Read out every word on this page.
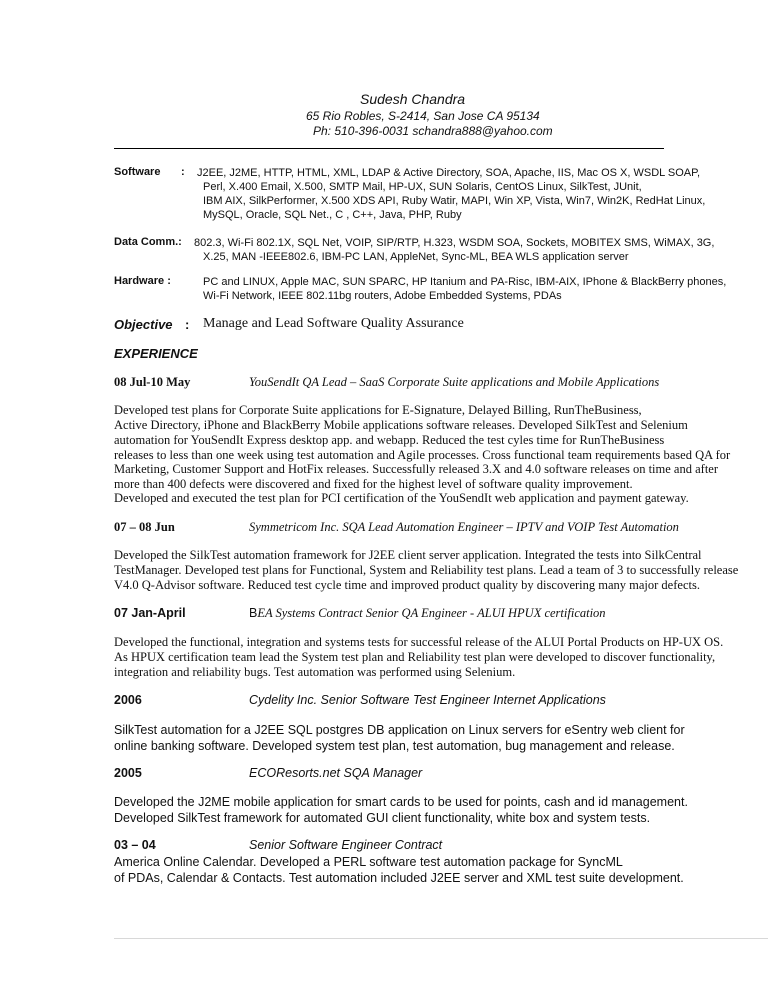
Sudesh Chandra
65 Rio Robles, S-2414, San Jose CA 95134
Ph: 510-396-0031 schandra888@yahoo.com
Software : J2EE, J2ME, HTTP, HTML, XML, LDAP & Active Directory, SOA, Apache, IIS, Mac OS X, WSDL SOAP,
Perl, X.400 Email, X.500, SMTP Mail, HP-UX, SUN Solaris, CentOS Linux, SilkTest, JUnit,
IBM AIX, SilkPerformer, X.500 XDS API, Ruby Watir, MAPI, Win XP, Vista, Win7, Win2K, RedHat Linux,
MySQL, Oracle, SQL Net., C , C++, Java, PHP, Ruby
Data Comm.: 802.3, Wi-Fi 802.1X, SQL Net, VOIP, SIP/RTP, H.323, WSDM SOA, Sockets, MOBITEX SMS, WiMAX, 3G,
X.25, MAN -IEEE802.6, IBM-PC LAN, AppleNet, Sync-ML, BEA WLS application server
Hardware :	PC and LINUX, Apple MAC, SUN SPARC, HP Itanium and PA-Risc, IBM-AIX, IPhone & BlackBerry phones,
Wi-Fi Network, IEEE 802.11bg routers, Adobe Embedded Systems, PDAs
Objective : Manage and Lead Software Quality Assurance
EXPERIENCE
08 Jul-10 May	YouSendIt QA Lead – SaaS Corporate Suite applications and Mobile Applications
Developed test plans for Corporate Suite applications for E-Signature, Delayed Billing, RunTheBusiness,
Active Directory, iPhone and BlackBerry Mobile applications software releases. Developed SilkTest and Selenium
automation for YouSendIt Express desktop app. and webapp. Reduced the test cyles time for RunTheBusiness
releases to less than one week using test automation and Agile processes. Cross functional team requirements based QA for
Marketing, Customer Support and HotFix releases. Successfully released 3.X and 4.0 software releases on time and after
more than 400 defects were discovered and fixed for the highest level of software quality improvement.
Developed and executed the test plan for PCI certification of the YouSendIt web application and payment gateway.
07 – 08 Jun	Symmetricom Inc. SQA Lead Automation Engineer – IPTV and VOIP Test Automation
Developed the SilkTest automation framework for J2EE client server application. Integrated the tests into SilkCentral
TestManager. Developed test plans for Functional, System and Reliability test plans. Lead a team of 3 to successfully release
V4.0 Q-Advisor software. Reduced test cycle time and improved product quality by discovering many major defects.
07 Jan-April	BEA Systems Contract Senior QA Engineer - ALUI HPUX certification
Developed the functional, integration and systems tests for successful release of the ALUI Portal Products on HP-UX OS.
As HPUX certification team lead the System test plan and Reliability test plan were developed to discover functionality,
integration and reliability bugs. Test automation was performed using Selenium.
2006	Cydelity Inc. Senior Software Test Engineer Internet Applications
SilkTest automation for a J2EE SQL postgres DB application on Linux servers for eSentry web client for
online banking software. Developed system test plan, test automation, bug management and release.
2005	ECOResorts.net SQA Manager
Developed the J2ME mobile application for smart cards to be used for points, cash and id management.
Developed SilkTest framework for automated GUI client functionality, white box and system tests.
03 – 04	Senior Software Engineer Contract
America Online Calendar. Developed a PERL software test automation package for SyncML
of PDAs, Calendar & Contacts. Test automation included J2EE server and XML test suite development.
